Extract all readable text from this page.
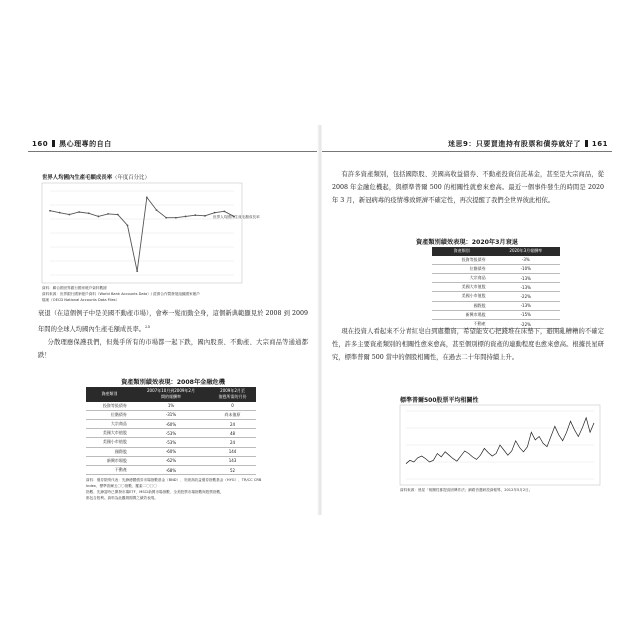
160 黑心理專的自白
世界人均國內生產毛額成長率（年度百分比）
世界人均國內生產毛額成長率
資料：聯合國世界銀行國家帳戶資料數據
資料來源：世界銀行國家帳戶資料（World Bank Accounts Data）/ 經濟合作暨發展組織國家帳戶
檔案（OECD National Accounts Data Files）

衰退（在這個例子中是美國不動產市場），會牽一髮而動全身，這個新典範顯見於 2008 到 2009 年間的全球人均國內生產毛額成長率。$^{25}$

分散理應保護我們，但幾乎所有的市場都一起下跌，國內股票、不動產、大宗商品等通通都跌！

資產類別績效表現：2008年金融危機
資產類別	2007年10月到2009年2月
間的報酬率	2009年2月至
復甦所需的月份
投資等級債券	1%	0
位階債券	-31%	尚未復原
大宗商品	-60%	24
美國大市值股	-53%	48
美國小市值股	-53%	24
國際股	-60%	144
新興市場股	-62%	143
不動產	-68%	52
資料：債券類別代表：先鋒總體債券市場指數基金（BND）、安碩高收益債券指數基金（HYG）、TR/CC CRB Index、標準普爾五〇〇指數、羅素二〇〇〇
指數、先鋒富時已開發市場ETF、MSCI新興市場指數、全美股票市場指數與股票指數，
都包含股利。資料為此觀測期間之績效表現。
迷思9：只要買進持有股票和債券就好了 161

有許多資產類別，包括國際股、美國高收益債券、不動產投資信託基金，甚至是大宗商品，從 2008 年金融危機起，與標準普爾 500 的相關性就愈來愈高。最近一個事件發生的時間是 2020 年 3 月，新冠病毒的疫情導致經濟不確定性，再次提醒了我們全世界彼此相依。

資產類別績效表現：2020年3月衰退
資產類別	2020年3月報酬率
投資等級債券	-3%
位階債券	-10%
大宗商品	-13%
美國大市值股	-13%
美國小市值股	-22%
國際股	-13%
新興市場股	-15%
不動產	-22%

現在投資人看起來不分青紅皂白到處撒資，希望能安心把錢堆在床墊下，避開亂糟糟的不確定性，許多主要資產類別的相關性愈來愈高，甚至個別標的資產的連動程度也愈來愈高。根據長星研究，標準普爾 500 當中的個股相關性，在過去二十年間持續上升。

標準普爾500股票平均相關性
資料來源：晨星「相關性都提高固傳作法」網路首選研投資報導，2012年5月2日。
